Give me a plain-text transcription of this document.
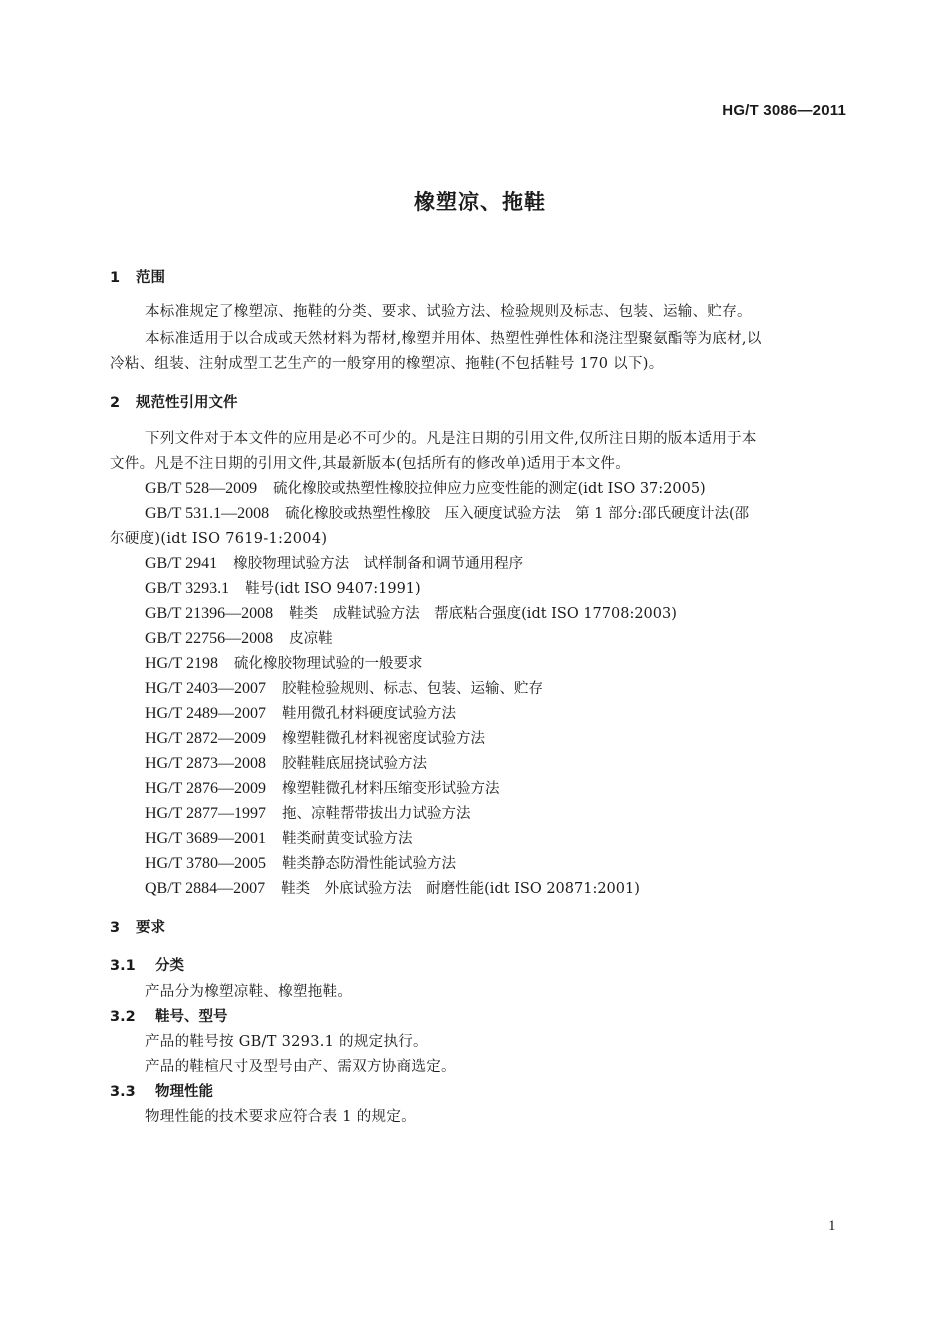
HG/T 3086—2011
橡塑凉、拖鞋
1 范围
本标准规定了橡塑凉、拖鞋的分类、要求、试验方法、检验规则及标志、包装、运输、贮存。
本标准适用于以合成或天然材料为帮材,橡塑并用体、热塑性弹性体和浇注型聚氨酯等为底材,以
冷粘、组装、注射成型工艺生产的一般穿用的橡塑凉、拖鞋(不包括鞋号 170 以下)。
2 规范性引用文件
下列文件对于本文件的应用是必不可少的。凡是注日期的引用文件,仅所注日期的版本适用于本
文件。凡是不注日期的引用文件,其最新版本(包括所有的修改单)适用于本文件。
GB/T 528—2009 硫化橡胶或热塑性橡胶拉伸应力应变性能的测定(idt ISO 37:2005)
GB/T 531.1—2008 硫化橡胶或热塑性橡胶　压入硬度试验方法　第 1 部分:邵氏硬度计法(邵
尔硬度)(idt ISO 7619-1:2004)
GB/T 2941 橡胶物理试验方法　试样制备和调节通用程序
GB/T 3293.1 鞋号(idt ISO 9407:1991)
GB/T 21396—2008 鞋类　成鞋试验方法　帮底粘合强度(idt ISO 17708:2003)
GB/T 22756—2008 皮凉鞋
HG/T 2198 硫化橡胶物理试验的一般要求
HG/T 2403—2007 胶鞋检验规则、标志、包装、运输、贮存
HG/T 2489—2007 鞋用微孔材料硬度试验方法
HG/T 2872—2009 橡塑鞋微孔材料视密度试验方法
HG/T 2873—2008 胶鞋鞋底屈挠试验方法
HG/T 2876—2009 橡塑鞋微孔材料压缩变形试验方法
HG/T 2877—1997 拖、凉鞋帮带拔出力试验方法
HG/T 3689—2001 鞋类耐黄变试验方法
HG/T 3780—2005 鞋类静态防滑性能试验方法
QB/T 2884—2007 鞋类　外底试验方法　耐磨性能(idt ISO 20871:2001)
3 要求
3.1 分类
产品分为橡塑凉鞋、橡塑拖鞋。
3.2 鞋号、型号
产品的鞋号按 GB/T 3293.1 的规定执行。
产品的鞋楦尺寸及型号由产、需双方协商选定。
3.3 物理性能
物理性能的技术要求应符合表 1 的规定。
1
